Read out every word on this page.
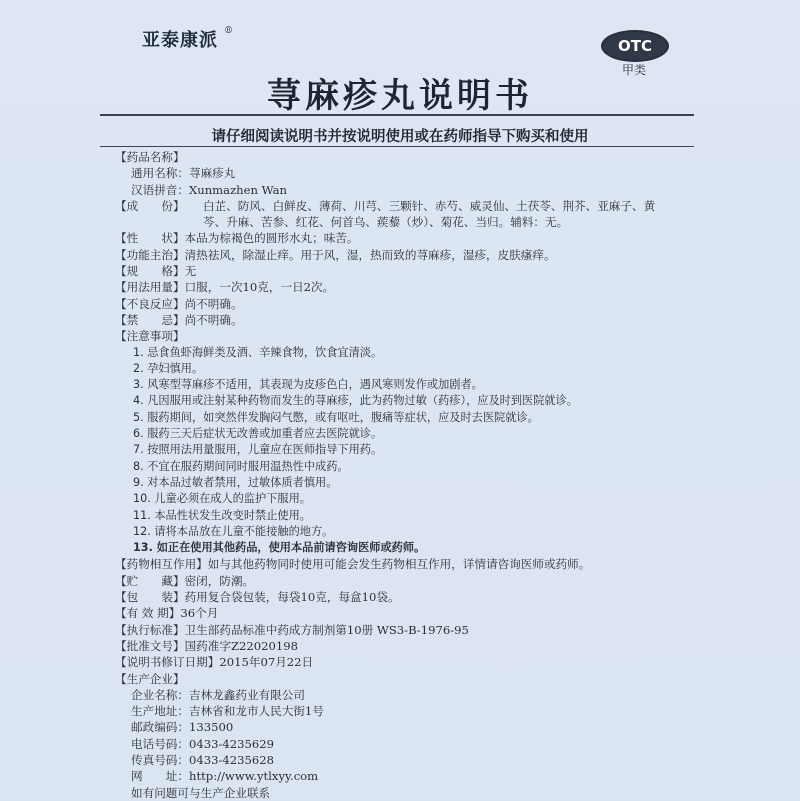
亚泰康派 ®
OTC
甲类
荨麻疹丸说明书
请仔细阅读说明书并按说明使用或在药师指导下购买和使用
【药品名称】
通用名称： 荨麻疹丸
汉语拼音： Xunmazhen Wan
【成　　份】	白芷、防风、白鲜皮、薄荷、川芎、三颗针、赤芍、威灵仙、土茯苓、荆芥、亚麻子、黄芩、升麻、苦参、红花、何首乌、蒺藜（炒）、菊花、当归。辅料：无。
【性　　状】 本品为棕褐色的圆形水丸；味苦。
【功能主治】 清热祛风，除湿止痒。用于风，湿，热而致的荨麻疹，湿疹，皮肤瘙痒。
【规　　格】 无
【用法用量】 口服，一次10克，一日2次。
【不良反应】 尚不明确。
【禁　　忌】 尚不明确。
【注意事项】
1. 忌食鱼虾海鲜类及酒、辛辣食物，饮食宜清淡。
2. 孕妇慎用。
3. 风寒型荨麻疹不适用，其表现为皮疹色白，遇风寒则发作或加剧者。
4. 凡因服用或注射某种药物而发生的荨麻疹，此为药物过敏（药疹），应及时到医院就诊。
5. 服药期间，如突然伴发胸闷气憋，或有呕吐，腹痛等症状，应及时去医院就诊。
6. 服药三天后症状无改善或加重者应去医院就诊。
7. 按照用法用量服用，儿童应在医师指导下用药。
8. 不宜在服药期间同时服用温热性中成药。
9. 对本品过敏者禁用，过敏体质者慎用。
10. 儿童必须在成人的监护下服用。
11. 本品性状发生改变时禁止使用。
12. 请将本品放在儿童不能接触的地方。
13. 如正在使用其他药品，使用本品前请咨询医师或药师。
【药物相互作用】 如与其他药物同时使用可能会发生药物相互作用，详情请咨询医师或药师。
【贮　　藏】 密闭，防潮。
【包　　装】 药用复合袋包装，每袋10克，每盒10袋。
【有 效 期】 36个月
【执行标准】 卫生部药品标准中药成方制剂第10册 WS3-B-1976-95
【批准文号】 国药准字Z22020198
【说明书修订日期】 2015年07月22日
【生产企业】
企业名称： 吉林龙鑫药业有限公司
生产地址： 吉林省和龙市人民大街1号
邮政编码： 133500
电话号码： 0433-4235629
传真号码： 0433-4235628
网　　址： http://www.ytlxyy.com
如有问题可与生产企业联系
